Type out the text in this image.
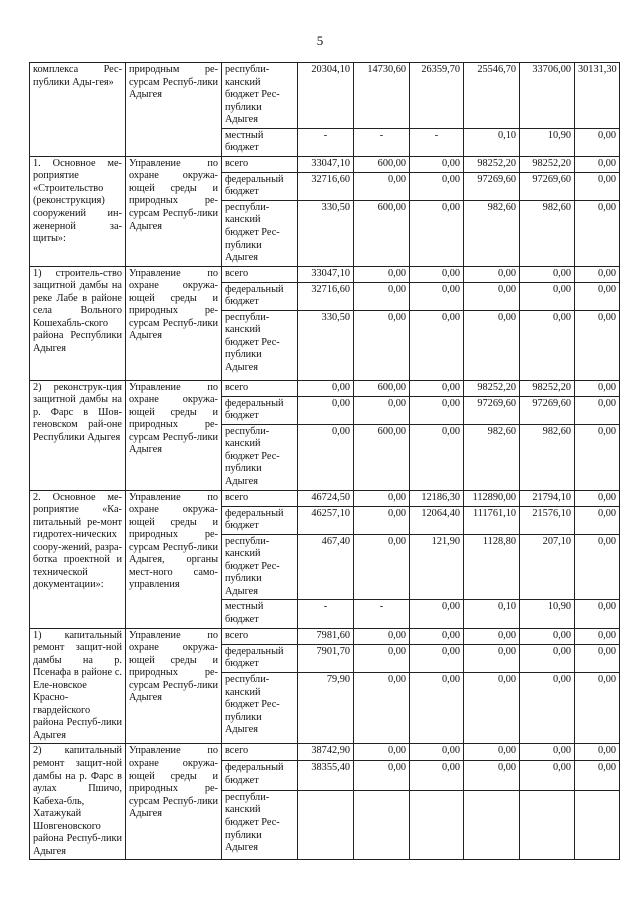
5
комплекса Рес-публики Ады-гея»	природным ре-сурсам Респуб-лики Адыгея	республи-канский бюджет Рес-публики Адыгея	20304,10	14730,60	26359,70	25546,70	33706,00	30131,30
		местный бюджет	-	-	-	0,10	10,90	0,00
1. Основное ме-роприятие «Строительство (реконструкция) сооружений ин-женерной за-щиты»:	Управление по охране окружа-ющей среды и природных ре-сурсам Респуб-лики Адыгея	всего	33047,10	600,00	0,00	98252,20	98252,20	0,00
		федеральный бюджет	32716,60	0,00	0,00	97269,60	97269,60	0,00
		республи-канский бюджет Рес-публики Адыгея	330,50	600,00	0,00	982,60	982,60	0,00
1) строитель-ство защитной дамбы на реке Лабе в районе села Вольного Кошехабль-ского района Республики Адыгея	Управление по охране окружа-ющей среды и природных ре-сурсам Респуб-лики Адыгея	всего	33047,10	0,00	0,00	0,00	0,00	0,00
		федеральный бюджет	32716,60	0,00	0,00	0,00	0,00	0,00
		республи-канский бюджет Рес-публики Адыгея	330,50	0,00	0,00	0,00	0,00	0,00
2) реконструк-ция защитной дамбы на р. Фарс в Шов-геновском рай-оне Республики Адыгея	Управление по охране окружа-ющей среды и природных ре-сурсам Респуб-лики Адыгея	всего	0,00	600,00	0,00	98252,20	98252,20	0,00
		федеральный бюджет	0,00	0,00	0,00	97269,60	97269,60	0,00
		республи-канский бюджет Рес-публики Адыгея	0,00	600,00	0,00	982,60	982,60	0,00
2. Основное ме-роприятие «Ка-питальный ре-монт гидротех-нических соору-жений, разра-ботка проектной и технической документации»:	Управление по охране окружа-ющей среды и природных ре-сурсам Респуб-лики Адыгея, органы мест-ного само-управления	всего	46724,50	0,00	12186,30	112890,00	21794,10	0,00
		федеральный бюджет	46257,10	0,00	12064,40	111761,10	21576,10	0,00
		республи-канский бюджет Рес-публики Адыгея	467,40	0,00	121,90	1128,80	207,10	0,00
		местный бюджет	-	-	0,00	0,10	10,90	0,00
1) капитальный ремонт защит-ной дамбы на р. Псенафа в районе с. Еле-новское Красно-гвардейского района Респуб-лики Адыгея	Управление по охране окружа-ющей среды и природных ре-сурсам Респуб-лики Адыгея	всего	7981,60	0,00	0,00	0,00	0,00	0,00
		федеральный бюджет	7901,70	0,00	0,00	0,00	0,00	0,00
		республи-канский бюджет Рес-публики Адыгея	79,90	0,00	0,00	0,00	0,00	0,00
2) капитальный ремонт защит-ной дамбы на р. Фарс в аулах Пшичо, Кабеха-бль, Хатажукай Шовгеновского района Респуб-лики Адыгея	Управление по охране окружа-ющей среды и природных ре-сурсам Респуб-лики Адыгея	всего	38742,90	0,00	0,00	0,00	0,00	0,00
		федеральный бюджет	38355,40	0,00	0,00	0,00	0,00	0,00
		республи-канский бюджет Рес-публики Адыгея						
